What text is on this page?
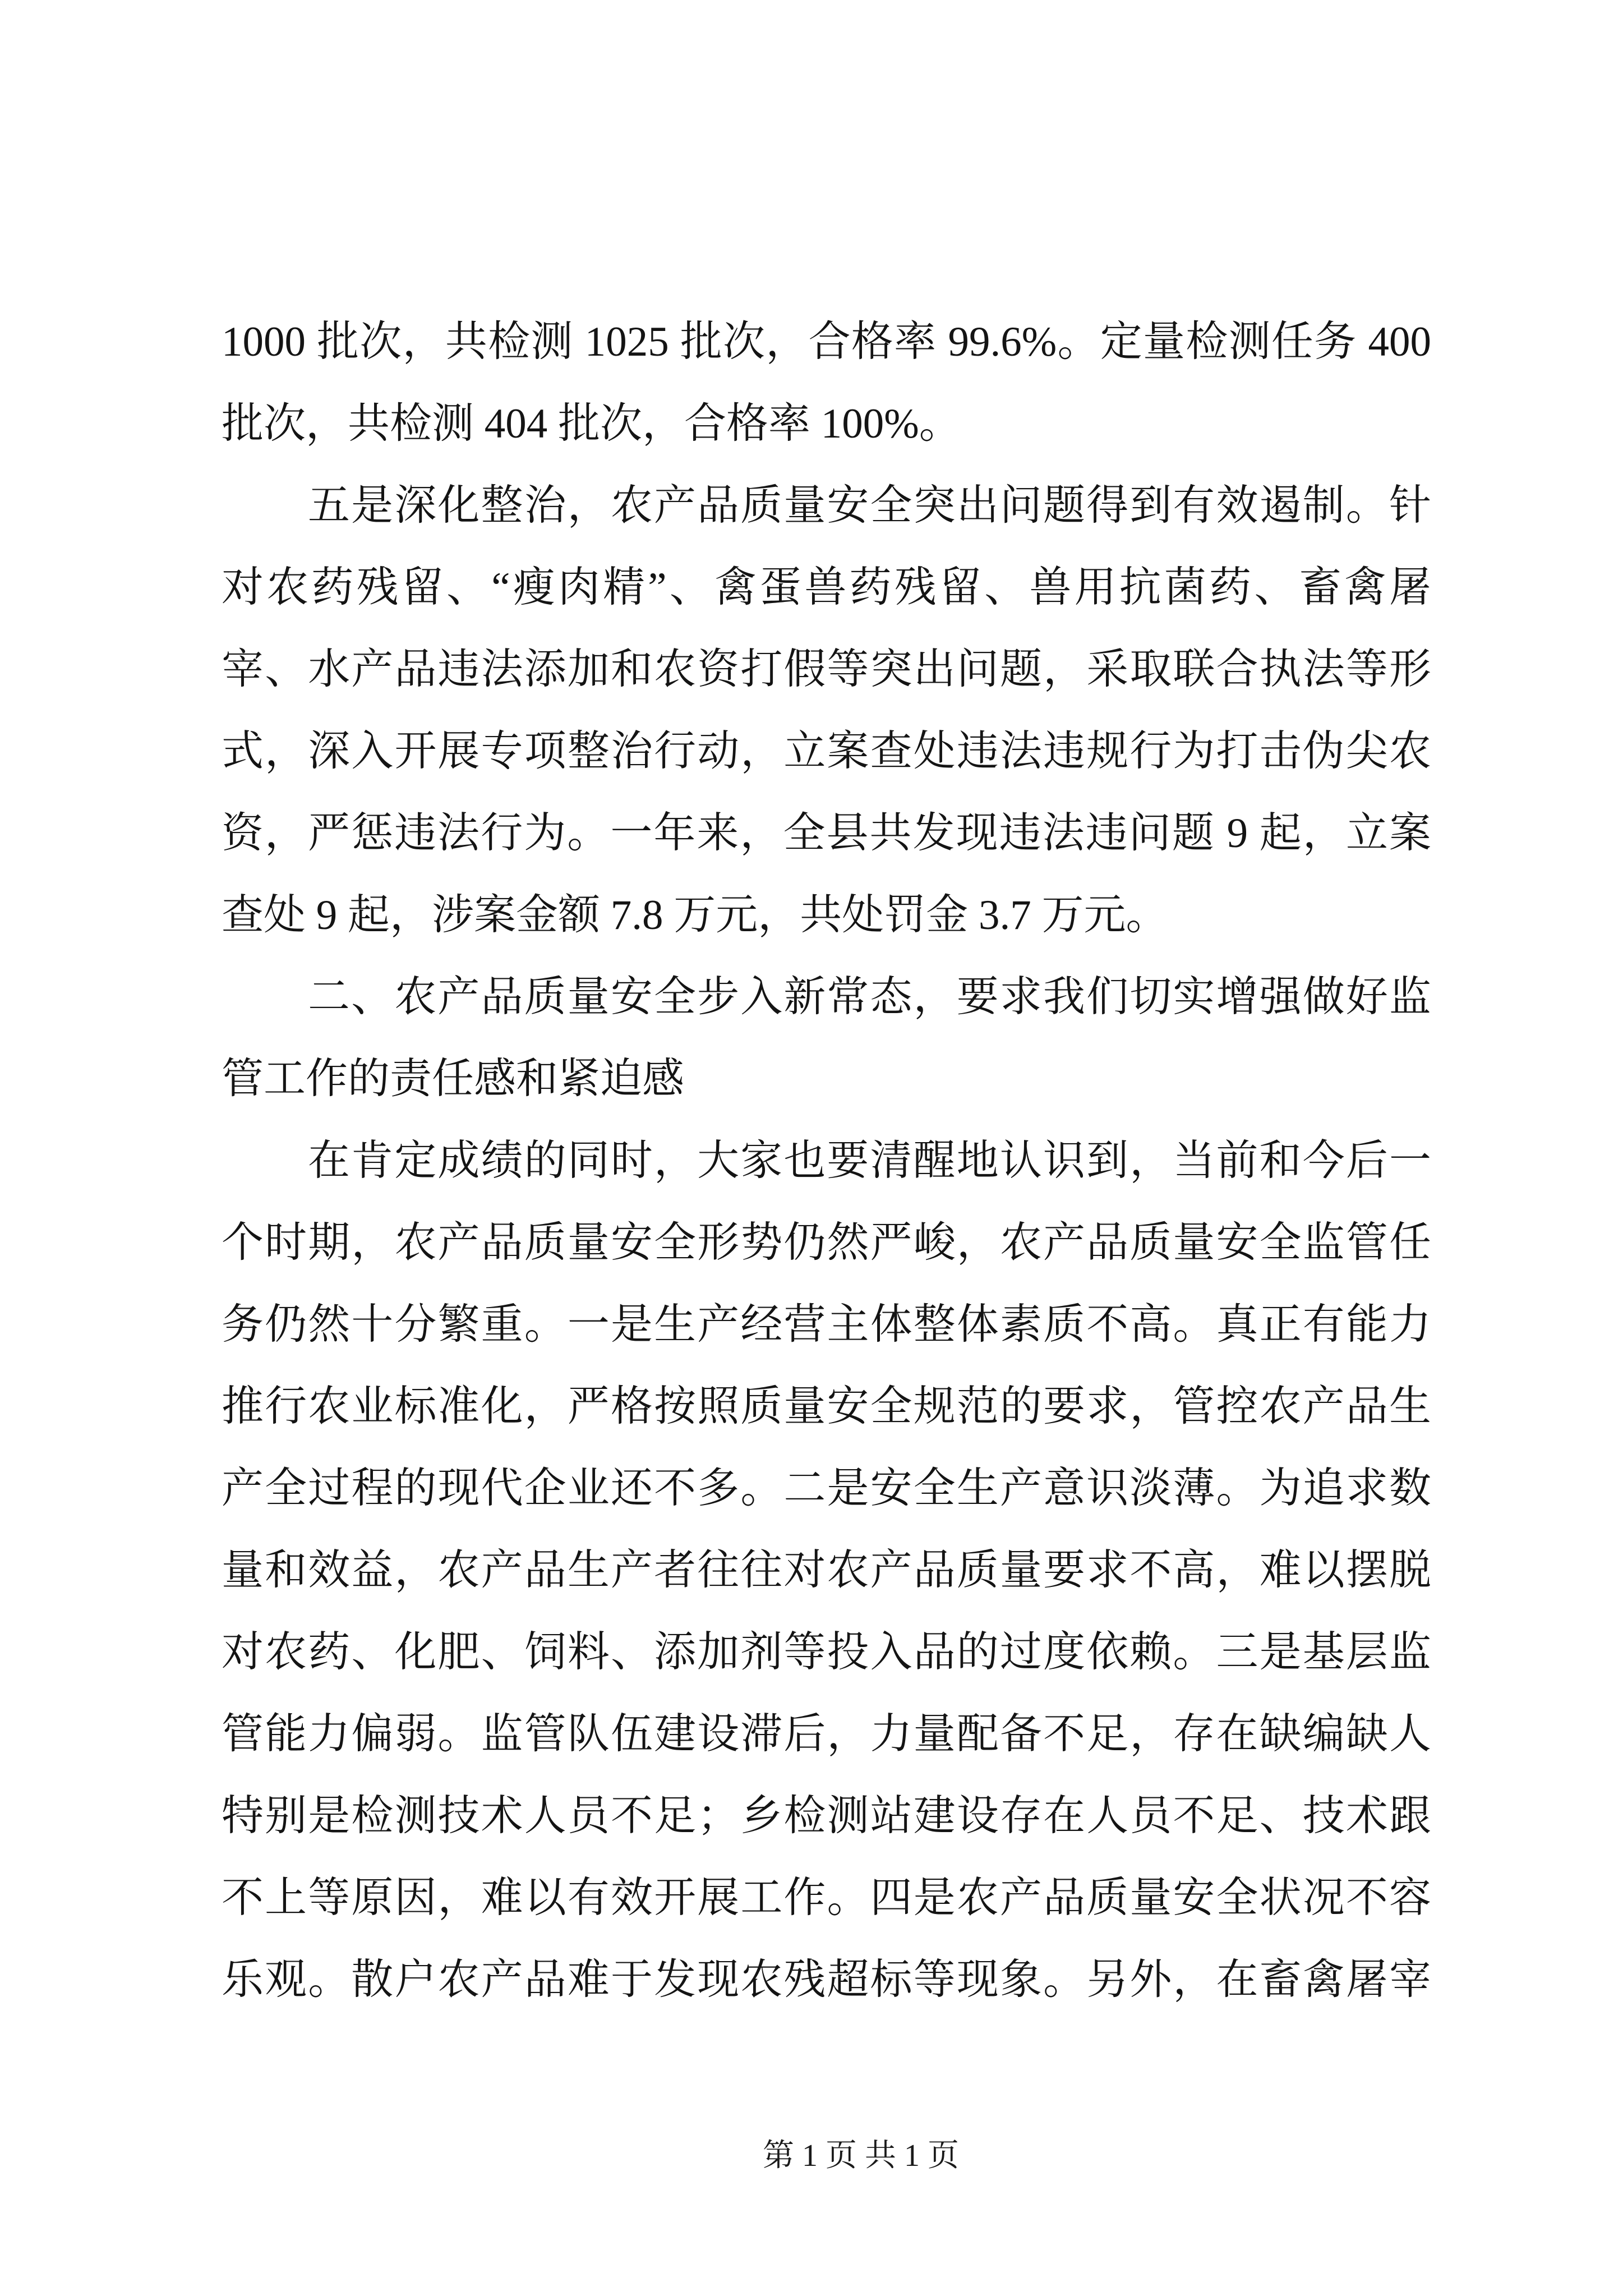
1000 批次，共检测 1025 批次，合格率 99.6%。定量检测任务 400
批次，共检测 404 批次，合格率 100%。
五是深化整治，农产品质量安全突出问题得到有效遏制。针
对农药残留、“瘦肉精”、禽蛋兽药残留、兽用抗菌药、畜禽屠
宰、水产品违法添加和农资打假等突出问题，采取联合执法等形
式，深入开展专项整治行动，立案查处违法违规行为打击伪尖农
资，严惩违法行为。一年来，全县共发现违法违问题 9 起，立案
查处 9 起，涉案金额 7.8 万元，共处罚金 3.7 万元。
二、农产品质量安全步入新常态，要求我们切实增强做好监
管工作的责任感和紧迫感
在肯定成绩的同时，大家也要清醒地认识到，当前和今后一
个时期，农产品质量安全形势仍然严峻，农产品质量安全监管任
务仍然十分繁重。一是生产经营主体整体素质不高。真正有能力
推行农业标准化，严格按照质量安全规范的要求，管控农产品生
产全过程的现代企业还不多。二是安全生产意识淡薄。为追求数
量和效益，农产品生产者往往对农产品质量要求不高，难以摆脱
对农药、化肥、饲料、添加剂等投入品的过度依赖。三是基层监
管能力偏弱。监管队伍建设滞后，力量配备不足，存在缺编缺人
特别是检测技术人员不足；乡检测站建设存在人员不足、技术跟
不上等原因，难以有效开展工作。四是农产品质量安全状况不容
乐观。散户农产品难于发现农残超标等现象。另外，在畜禽屠宰
第 1 页 共 1 页
